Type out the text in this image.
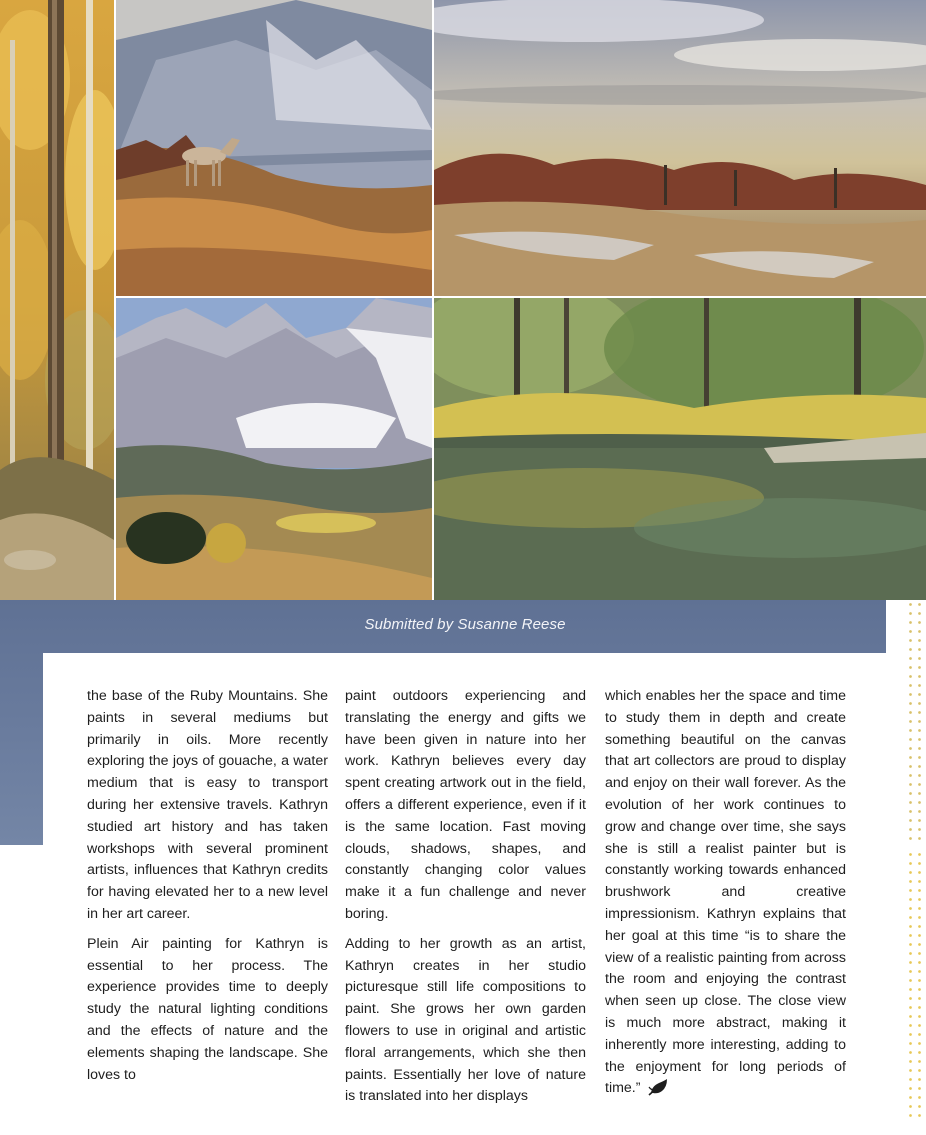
Submitted by Susanne Reese

the base of the Ruby Mountains. She paints in several mediums but primarily in oils. More recently exploring the joys of gouache, a water medium that is easy to transport during her extensive travels. Kathryn studied art history and has taken workshops with several prominent artists, influences that Kathryn credits for having elevated her to a new level in her art career.

Plein Air painting for Kathryn is essential to her process. The experience provides time to deeply study the natural lighting conditions and the effects of nature and the elements shaping the landscape. She loves to

paint outdoors experiencing and translating the energy and gifts we have been given in nature into her work. Kathryn believes every day spent creating artwork out in the field, offers a different experience, even if it is the same location. Fast moving clouds, shadows, shapes, and constantly changing color values make it a fun challenge and never boring.

Adding to her growth as an artist, Kathryn creates in her studio picturesque still life compositions to paint. She grows her own garden flowers to use in original and artistic floral arrangements, which she then paints. Essentially her love of nature is translated into her displays

which enables her the space and time to study them in depth and create something beautiful on the canvas that art collectors are proud to display and enjoy on their wall forever. As the evolution of her work continues to grow and change over time, she says she is still a realist painter but is constantly working towards enhanced brushwork and creative impressionism. Kathryn explains that her goal at this time “is to share the view of a realistic painting from across the room and enjoying the contrast when seen up close. The close view is much more abstract, making it inherently more interesting, adding to the enjoyment for long periods of time.”
